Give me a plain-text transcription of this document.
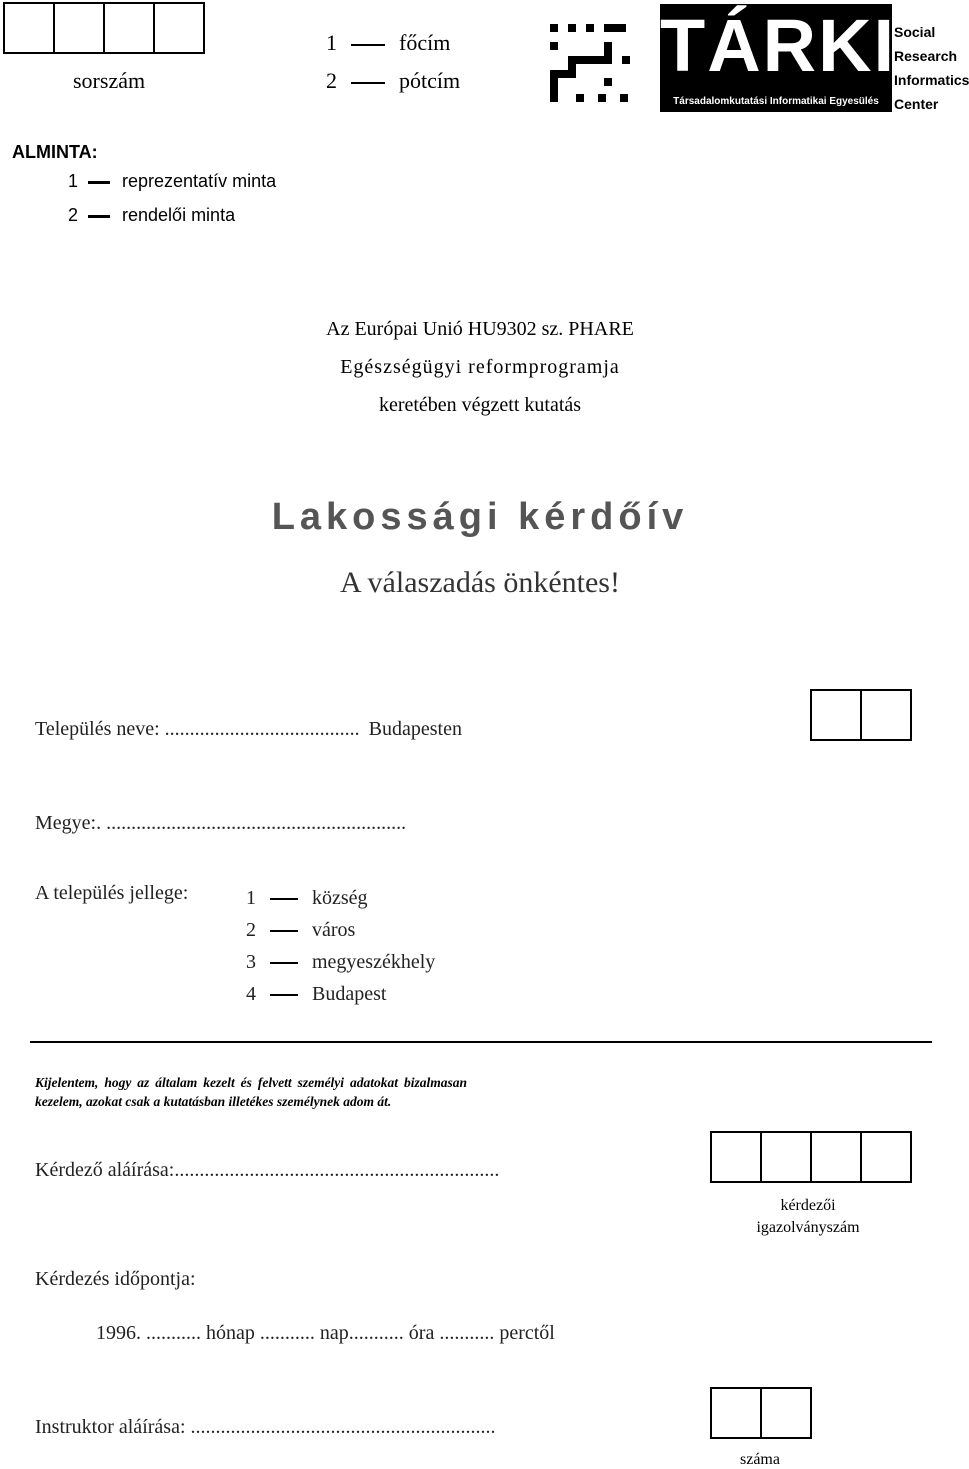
sorszám
1	főcím
2	pótcím	TÁRKI
Társadalomkutatási Informatikai Egyesülés
Social
Research
Informatics
Center
ALMINTA:
1 reprezentatív minta
2 rendelői minta
Az Európai Unió HU9302 sz. PHARE
Egészségügyi reformprogramja
keretében végzett kutatás
Lakossági kérdőív
A válaszadás önkéntes!
Település neve: ....................................... Budapesten
Megye:. ............................................................
A település jellege:	1	község
2	város
3	megyeszékhely
4	Budapest
Kijelentem, hogy az általam kezelt és felvett személyi adatokat bizalmasan kezelem, azokat csak a kutatásban illetékes személynek adom át.
Kérdező aláírása:.................................................................
kérdezői
igazolványszám
Kérdezés időpontja:
1996. ........... hónap ........... nap........... óra ........... perctől
Instruktor aláírása: .............................................................
száma
